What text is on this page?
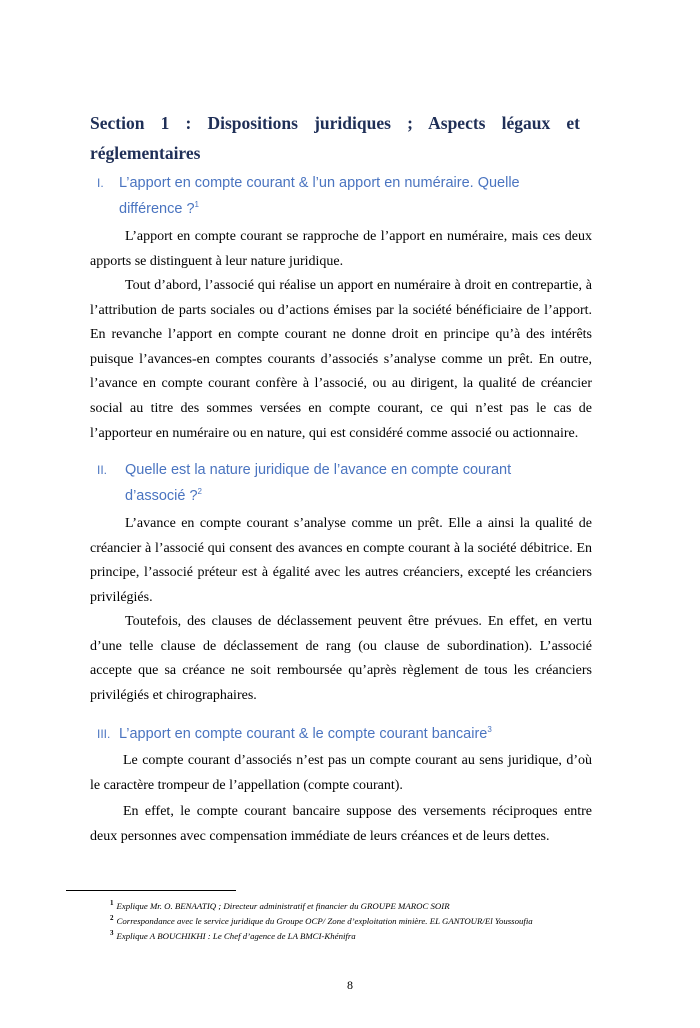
Section 1 : Dispositions juridiques ; Aspects légaux et réglementaires
I.	L’apport en compte courant & l’un apport en numéraire. Quelle différence ?$^1$

L’apport en compte courant se rapproche de l’apport en numéraire, mais ces deux apports se distinguent à leur nature juridique.

Tout d’abord, l’associé qui réalise un apport en numéraire à droit en contrepartie, à l’attribution de parts sociales ou d’actions émises par la société bénéficiaire de l’apport. En revanche l’apport en compte courant ne donne droit en principe qu’à des intérêts puisque l’avances-en comptes courants d’associés s’analyse comme un prêt. En outre, l’avance en compte courant confère à l’associé, ou au dirigent, la qualité de créancier social au titre des sommes versées en compte courant, ce qui n’est pas le cas de l’apporteur en numéraire ou en nature, qui est considéré comme associé ou actionnaire.

II.	Quelle est la nature juridique de l’avance en compte courant d’associé ?$^2$

L’avance en compte courant s’analyse comme un prêt. Elle a ainsi la qualité de créancier à l’associé qui consent des avances en compte courant à la société débitrice. En principe, l’associé préteur est à égalité avec les autres créanciers, excepté les créanciers privilégiés.

Toutefois, des clauses de déclassement peuvent être prévues. En effet, en vertu d’une telle clause de déclassement de rang (ou clause de subordination). L’associé accepte que sa créance ne soit remboursée qu’après règlement de tous les créanciers privilégiés et chirographaires.

III. L’apport en compte courant & le compte courant bancaire$^3$

Le compte courant d’associés n’est pas un compte courant au sens juridique, d’où le caractère trompeur de l’appellation (compte courant).

En effet, le compte courant bancaire suppose des versements réciproques entre deux personnes avec compensation immédiate de leurs créances et de leurs dettes.

$^1$ Explique Mr. O. BENAATIQ ; Directeur administratif et financier du GROUPE MAROC SOIR
$^2$ Correspondance avec le service juridique du Groupe OCP/ Zone d’exploitation minière. EL GANTOUR/El Youssoufia
$^3$ Explique A BOUCHIKHI : Le Chef d’agence de LA BMCI-Khénifra
8
